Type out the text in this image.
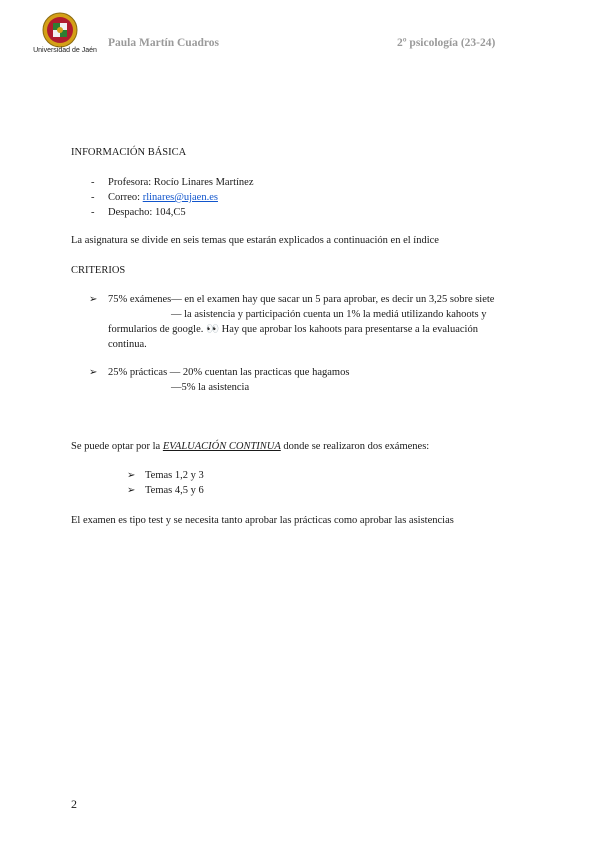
Universidad de Jaén
Paula Martín Cuadros	2º psicología (23-24)
INFORMACIÓN BÁSICA
- Profesora: Rocío Linares Martínez
- Correo: rlinares@ujaen.es
- Despacho: 104,C5
La asignatura se divide en seis temas que estarán explicados a continuación en el índice
CRITERIOS
➢ 75% exámenes— en el examen hay que sacar un 5 para aprobar, es decir un 3,25 sobre siete
— la asistencia y participación cuenta un 1% la mediá utilizando kahoots y
formularios de google. 👀 Hay que aprobar los kahoots para presentarse a la evaluación
continua.
➢ 25% prácticas — 20% cuentan las practicas que hagamos
—5% la asistencia
Se puede optar por la EVALUACIÓN CONTINUA donde se realizaron dos exámenes:
➢ Temas 1,2 y 3
➢ Temas 4,5 y 6
El examen es tipo test y se necesita tanto aprobar las prácticas como aprobar las asistencias
2
